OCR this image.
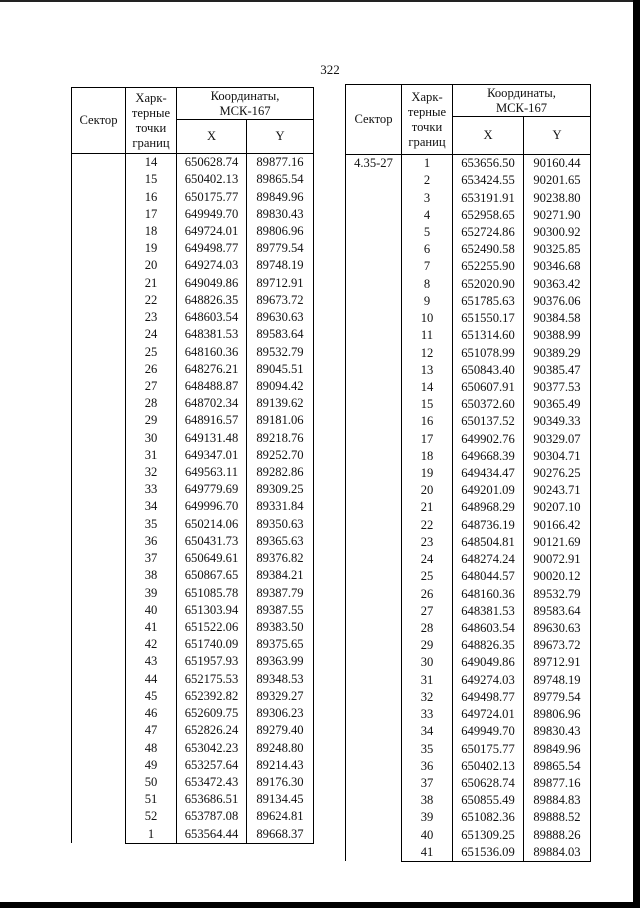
322
Сектор	Харк-
терные
точки
границ	Координаты,
МСК-167	
		X	Y
	14	650628.74	89877.16
	15	650402.13	89865.54
	16	650175.77	89849.96
	17	649949.70	89830.43
	18	649724.01	89806.96
	19	649498.77	89779.54
	20	649274.03	89748.19
	21	649049.86	89712.91
	22	648826.35	89673.72
	23	648603.54	89630.63
	24	648381.53	89583.64
	25	648160.36	89532.79
	26	648276.21	89045.51
	27	648488.87	89094.42
	28	648702.34	89139.62
	29	648916.57	89181.06
	30	649131.48	89218.76
	31	649347.01	89252.70
	32	649563.11	89282.86
	33	649779.69	89309.25
	34	649996.70	89331.84
	35	650214.06	89350.63
	36	650431.73	89365.63
	37	650649.61	89376.82
	38	650867.65	89384.21
	39	651085.78	89387.79
	40	651303.94	89387.55
	41	651522.06	89383.50
	42	651740.09	89375.65
	43	651957.93	89363.99
	44	652175.53	89348.53
	45	652392.82	89329.27
	46	652609.75	89306.23
	47	652826.24	89279.40
	48	653042.23	89248.80
	49	653257.64	89214.43
	50	653472.43	89176.30
	51	653686.51	89134.45
	52	653787.08	89624.81
	1	653564.44	89668.37
Сектор	Харк-
терные
точки
границ	Координаты,
МСК-167	
		X	Y
4.35-27	1	653656.50	90160.44
	2	653424.55	90201.65
	3	653191.91	90238.80
	4	652958.65	90271.90
	5	652724.86	90300.92
	6	652490.58	90325.85
	7	652255.90	90346.68
	8	652020.90	90363.42
	9	651785.63	90376.06
	10	651550.17	90384.58
	11	651314.60	90388.99
	12	651078.99	90389.29
	13	650843.40	90385.47
	14	650607.91	90377.53
	15	650372.60	90365.49
	16	650137.52	90349.33
	17	649902.76	90329.07
	18	649668.39	90304.71
	19	649434.47	90276.25
	20	649201.09	90243.71
	21	648968.29	90207.10
	22	648736.19	90166.42
	23	648504.81	90121.69
	24	648274.24	90072.91
	25	648044.57	90020.12
	26	648160.36	89532.79
	27	648381.53	89583.64
	28	648603.54	89630.63
	29	648826.35	89673.72
	30	649049.86	89712.91
	31	649274.03	89748.19
	32	649498.77	89779.54
	33	649724.01	89806.96
	34	649949.70	89830.43
	35	650175.77	89849.96
	36	650402.13	89865.54
	37	650628.74	89877.16
	38	650855.49	89884.83
	39	651082.36	89888.52
	40	651309.25	89888.26
	41	651536.09	89884.03
